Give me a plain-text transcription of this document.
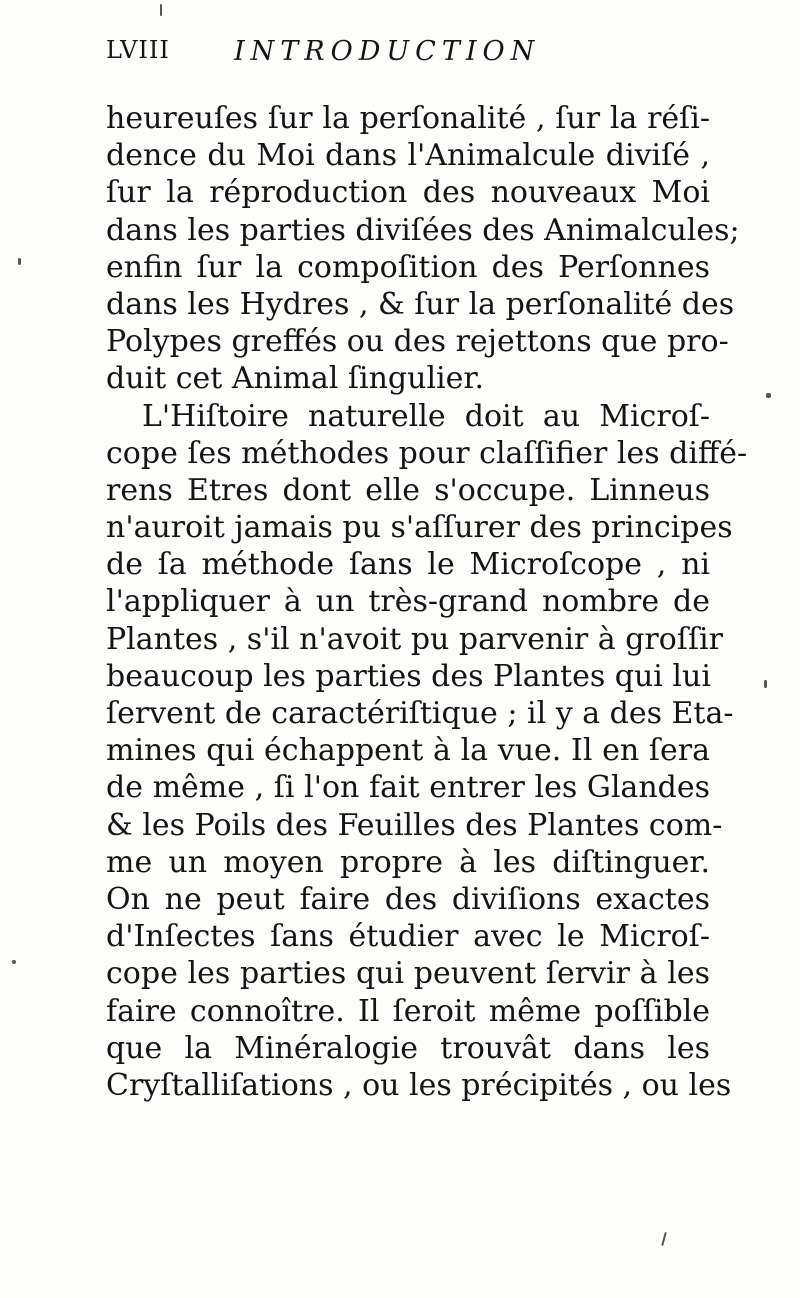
LVIII INTRODUCTION
heureuſes ſur la perſonalité , ſur la réſi-
dence du Moi dans l'Animalcule diviſé ,
ſur la réproduction des nouveaux Moi
dans les parties diviſées des Animalcules;
enfin ſur la compoſition des Perſonnes
dans les Hydres , & ſur la perſonalité des
Polypes greffés ou des rejettons que pro-
duit cet Animal ſingulier.
L'Hiſtoire naturelle doit au Microſ-
cope ſes méthodes pour claſſifier les diffé-
rens Etres dont elle s'occupe. Linneus
n'auroit jamais pu s'aſſurer des principes
de ſa méthode ſans le Microſcope , ni
l'appliquer à un très-grand nombre de
Plantes , s'il n'avoit pu parvenir à groſſir
beaucoup les parties des Plantes qui lui
ſervent de caractériſtique ; il y a des Eta-
mines qui échappent à la vue. Il en ſera
de même , ſi l'on fait entrer les Glandes
& les Poils des Feuilles des Plantes com-
me un moyen propre à les diſtinguer.
On ne peut faire des diviſions exactes
d'Inſectes ſans étudier avec le Microſ-
cope les parties qui peuvent ſervir à les
faire connoître. Il ſeroit même poſſible
que la Minéralogie trouvât dans les
Cryſtalliſations , ou les précipités , ou les
